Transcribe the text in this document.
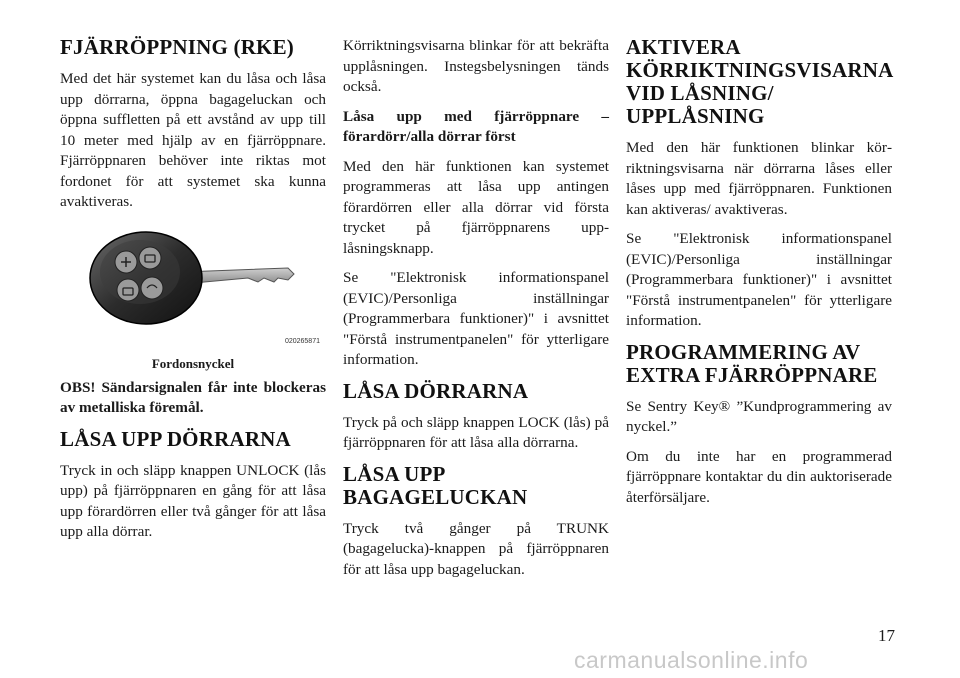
FJÄRRÖPPNING (RKE)

Med det här systemet kan du låsa och låsa upp dörrarna, öppna bagageluckan och öppna suffletten på ett avstånd av upp till 10 meter med hjälp av en fjärröppnare. Fjärröppnaren behöver inte riktas mot fordonet för att systemet ska kunna avaktiveras.

020265871
Fordonsnyckel

OBS! Sändarsignalen får inte blockeras av metalliska föremål.

LÅSA UPP DÖRRARNA

Tryck in och släpp knappen UNLOCK (lås upp) på fjärröppnaren en gång för att låsa upp förardörren eller två gånger för att låsa upp alla dörrar.

Körriktningsvisarna blinkar för att bekräfta upplåsningen. Instegsbelysningen tänds också.

Låsa upp med fjärröppnare – förardörr/alla dörrar först

Med den här funktionen kan systemet programmeras att låsa upp antingen förardörren eller alla dörrar vid första trycket på fjärröppnarens upplåsningsknapp.

Se "Elektronisk informationspanel (EVIC)/Personliga inställningar (Programmerbara funktioner)" i avsnittet "Förstå instrumentpanelen" för ytterligare information.

LÅSA DÖRRARNA

Tryck på och släpp knappen LOCK (lås) på fjärröppnaren för att låsa alla dörrarna.

LÅSA UPP BAGAGELUCKAN

Tryck två gånger på TRUNK (bagagelucka)-knappen på fjärröppnaren för att låsa upp bagageluckan.

AKTIVERA KÖRRIKTNINGSVISARNA VID LÅSNING/ UPPLÅSNING

Med den här funktionen blinkar körriktningsvisarna när dörrarna låses eller låses upp med fjärröppnaren. Funktionen kan aktiveras/ avaktiveras.

Se "Elektronisk informationspanel (EVIC)/Personliga inställningar (Programmerbara funktioner)" i avsnittet "Förstå instrumentpanelen" för ytterligare information.

PROGRAMMERING AV EXTRA FJÄRRÖPPNARE

Se Sentry Key® ”Kundprogrammering av nyckel.”

Om du inte har en programmerad fjärröppnare kontaktar du din auktoriserade återförsäljare.

17
carmanualsonline.info
